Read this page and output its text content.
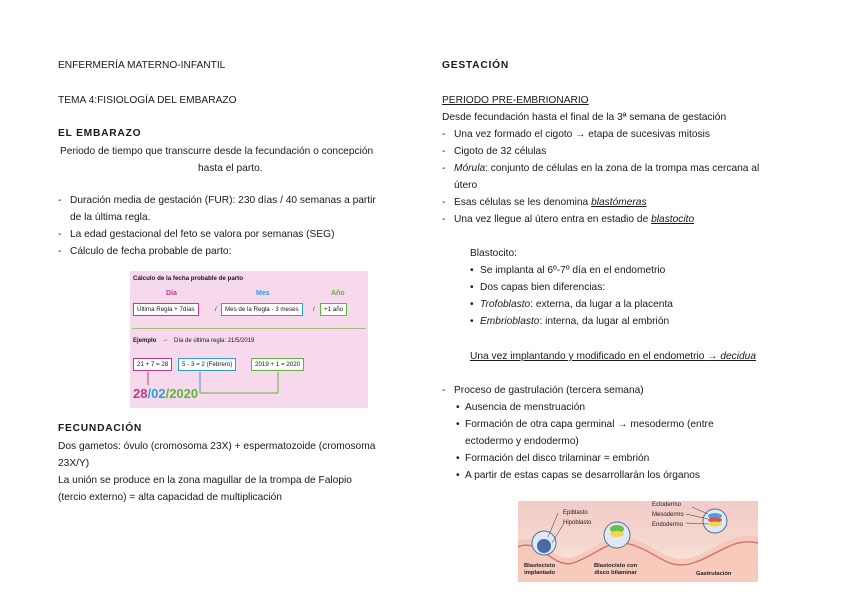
ENFERMERÍA MATERNO-INFANTIL
TEMA 4:FISIOLOGÍA DEL EMBARAZO
EL EMBARAZO
Periodo de tiempo que transcurre desde la fecundación o concepción
hasta el parto.
- Duración media de gestación (FUR): 230 días / 40 semanas a partir
de la última regla.
- La edad gestacional del feto se valora por semanas (SEG)
- Cálculo de fecha probable de parto:
FECUNDACIÓN
Dos gametos: óvulo (cromosoma 23X) + espermatozoide (cromosoma
23X/Y)
La unión se produce en la zona magullar de la trompa de Falopio
(tercio externo) = alta capacidad de multiplicación
Cálculo de la fecha probable de parto
Día	Mes	Año
Última Regla + 7días	/	Mes de la Regla - 3 meses	/	+1 año
Ejemplo → Día de última regla: 21/5/2019
21 + 7 = 28	5 - 3 = 2 (Febrero)	2019 + 1 = 2020
28/02/2020
GESTACIÓN
PERIODO PRE-EMBRIONARIO
Desde fecundación hasta el final de la 3ª semana de gestación
- Una vez formado el cigoto → etapa de sucesivas mitosis
- Cigoto de 32 células
- Mórula: conjunto de células en la zona de la trompa mas cercana al
útero
- Esas células se les denomina blastómeras
- Una vez llegue al útero entra en estadio de blastocito
Blastocito:
• Se implanta al 6º-7º día en el endometrio
• Dos capas bien diferencias:
• Trofoblasto: externa, da lugar a la placenta
• Embrioblasto: interna, da lugar al embrión
Una vez implantando y modificado en el endometrio → decidua
- Proceso de gastrulación (tercera semana)
• Ausencia de menstruación
• Formación de otra capa germinal → mesodermo (entre
ectodermo y endodermo)
• Formación del disco trilaminar = embrión
• A partir de estas capas se desarrollarán los órganos
Epiblasto
Hipoblasto
Ectodermo
Mesodermo
Endodermo
Blastocisto
implantado
Blastocisto con
disco bilaminar	Gastrulación
